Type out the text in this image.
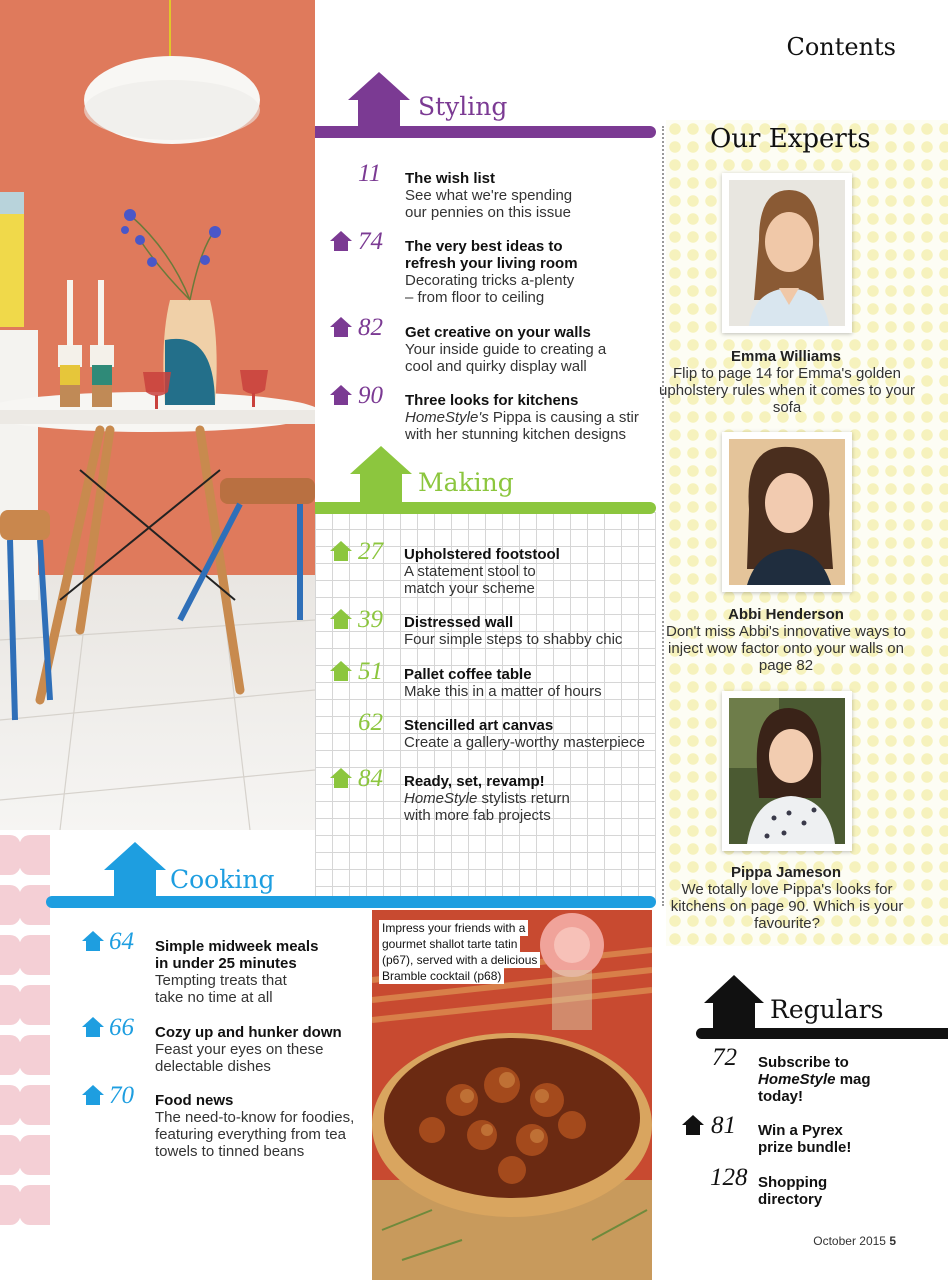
Contents
Styling
11 The wish list
See what we're spending our pennies on this issue
74 The very best ideas to refresh your living room
Decorating tricks a-plenty – from floor to ceiling
82 Get creative on your walls
Your inside guide to creating a cool and quirky display wall
90 Three looks for kitchens
HomeStyle's Pippa is causing a stir with her stunning kitchen designs
Making
27 Upholstered footstool
A statement stool to match your scheme
39 Distressed wall
Four simple steps to shabby chic
51 Pallet coffee table
Make this in a matter of hours
62 Stencilled art canvas
Create a gallery-worthy masterpiece
84 Ready, set, revamp!
HomeStyle stylists return with more fab projects
Cooking
64 Simple midweek meals in under 25 minutes
Tempting treats that take no time at all
66 Cozy up and hunker down
Feast your eyes on these delectable dishes
70 Food news
The need-to-know for foodies, featuring everything from tea towels to tinned beans
Impress your friends with a gourmet shallot tarte tatin (p67), served with a delicious Bramble cocktail (p68)
Our Experts
Emma Williams
Flip to page 14 for Emma's golden upholstery rules when it comes to your sofa
Abbi Henderson
Don't miss Abbi's innovative ways to inject wow factor onto your walls on page 82
Pippa Jameson
We totally love Pippa's looks for kitchens on page 90. Which is your favourite?
Regulars
72 Subscribe to HomeStyle mag today!
81 Win a Pyrex prize bundle!
128 Shopping directory
October 2015 5
